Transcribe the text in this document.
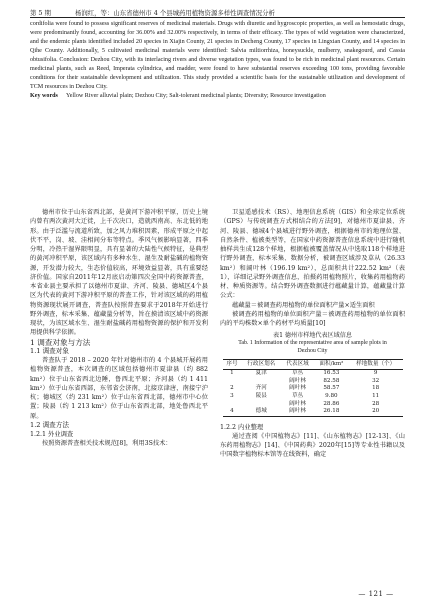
第 5 期	杨润红，等：山东省德州市 4 个县城药用植物资源多样性调查情况分析

cordifolia were found to possess significant reserves of medicinal materials. Drugs with diuretic and hygroscopic properties, as well as hemostatic drugs, were predominantly found, accounting for 36.00% and 32.00% respectively, in terms of their efficacy. The types of wild vegetation were characterized, and the endemic plants identified included 20 species in Xiajin County, 21 species in Decheng County, 17 species in Lingxian County, and 14 species in Qihe County. Additionally, 5 cultivated medicinal materials were identified: Salvia miltiorrhiza, honeysuckle, mulberry, snakegourd, and Cassia obtusifolia. Conclusion: Dezhou City, with its interlacing rivers and diverse vegetation types, was found to be rich in medicinal plant resources. Certain medicinal plants, such as Reed, Imperata cylindrica, and madder, were found to have substantial reserves exceeding 100 tons, providing favorable conditions for their sustainable development and utilization. This study provided a scientific basis for the sustainable utilization and development of TCM resources in Dezhou City.

Key words Yellow River alluvial plain; Dezhou City; Salt-tolerant medicinal plants; Diversity; Resource investigation

德州市位于山东省西北部，是黄河下游冲积平原，历史上境内曾有两次黄河大迁徙，上千次决口，造就西南高、东北低的地形。由于泛滥与流道所致，加之风力堆积因素，形成平原之中起伏不平，岗、坡、洼相间分布等特点。季风气候影响显著，四季分明，冷热干湿界限明显，具有显著的大陆性气候特征，是典型的黄河冲积平原，该区域内有多种水生、湿生及耐盐碱的植物资源，开发潜力较大，生态价值较高，环境效益显著，具有重要经济价值。国家自2011年12月底启动第四次全国中药资源普查，本省业县主要承担了以德州市夏津、齐河、陵县、德城区4个县区为代表的黄河下游冲积平原的普查工作，针对该区域的药用植物资源现状展开调查，普查队按照普查要求于2018年开始进行野外调查，标本采集、蕴藏量分析等，旨在摸清该区域中药资源现状，为该区域水生、湿生耐盐碱药用植物资源的保护和开发利用提供科学依据。

1 调查对象与方法

1.1 调查对象

普查队于 2018 – 2020 年针对德州市的 4 个县城开展药用植物资源普查，本次调查的区域包括德州市夏津县（约 882 km²）位于山东省西北边陲，鲁西北平原；齐河县（约 1 411 km²）位于山东省西部，东邻省会济南，北接京津唐，南接宁沪杭；德城区（约 231 km²）位于山东省西北部，德州市中心位置；陵县（约 1 213 km²）位于山东省西北部，地处鲁西北平原。

1.2 调查方法

1.2.1 外业调查

按照资源普查相关技术规范[8]，利用3S技术：

卫星遥感技术（RS）、地理信息系统（GIS）和全球定位系统（GPS）与传统调查方式相结合的方法[9]，对德州市夏津县、齐河、陵县、德城4个县城进行野外调查，根据德州市的地理位置、自然条件、植被类型等，在国家中药资源普查信息系统中进行随机抽样共生成128个样地，根据植被覆盖情况从中选取118个样地进行野外调查，标本采集、数据分析，被调查区域涉及草从（26.33 km²）和阔叶林（196.19 km²），总面积共计222.52 km²（表1），详细记录野外调查信息，拍摄药用植物照片，收集药用植物药材、种质资源等。结合野外调查数据进行蕴藏量计算，蕴藏量计算公式：

蕴藏量＝被调查药用植物的单位面积产量×适生面积

被调查药用植物的单位面积产量＝被调查药用植物的单位面积内的平均株数×单个药材平均质量[10]

表1 德州市样地代表区域信息
Tab. 1 Information of the representative area of sample plots in Dezhou City
序号	行政区划名	代表区域	面积/km²	样地数量（个）
1	夏津	草丛	16.53	9
		阔叶林	82.58	32
2	齐河	阔叶林	58.57	18
3	陵县	草丛	9.80	11
		阔叶林	28.86	28
4	德城	阔叶林	26.18	20

1.2.2 内业整理

通过查阅《中国植物志》[11]、《山东植物志》[12-13]、《山东药用植物志》[14]、《中国药典》2020年[15]等专业性书籍以及中国数字植物标本馆等在线资料，确定

— 121 —
